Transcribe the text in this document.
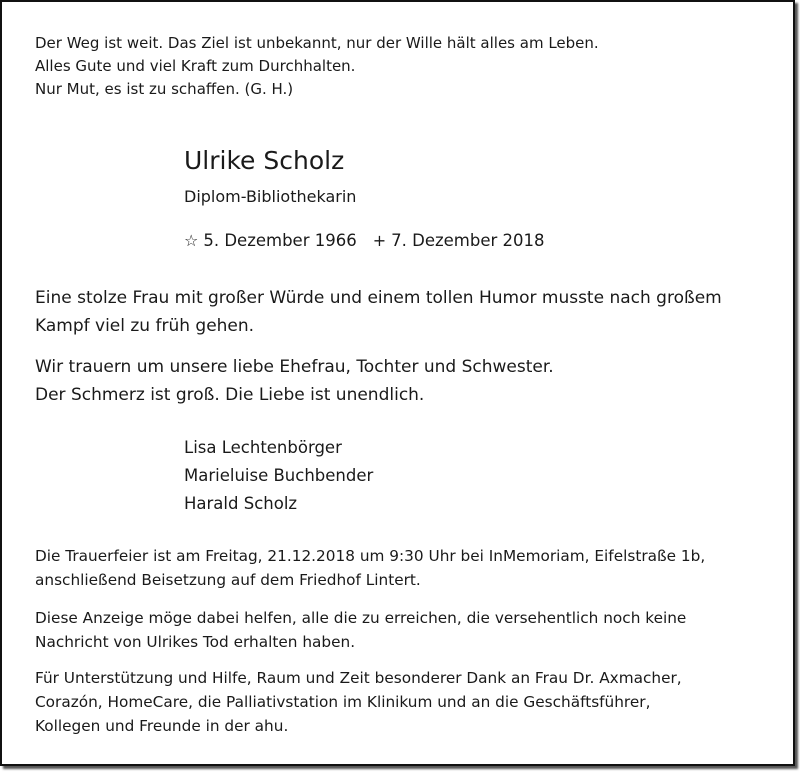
Der Weg ist weit. Das Ziel ist unbekannt, nur der Wille hält alles am Leben.
Alles Gute und viel Kraft zum Durchhalten.
Nur Mut, es ist zu schaffen. (G. H.)
Ulrike Scholz
Diplom-Bibliothekarin
☆ 5. Dezember 1966 + 7. Dezember 2018
Eine stolze Frau mit großer Würde und einem tollen Humor musste nach großem
Kampf viel zu früh gehen.
Wir trauern um unsere liebe Ehefrau, Tochter und Schwester.
Der Schmerz ist groß. Die Liebe ist unendlich.
Lisa Lechtenbörger
Marieluise Buchbender
Harald Scholz
Die Trauerfeier ist am Freitag, 21.12.2018 um 9:30 Uhr bei InMemoriam, Eifelstraße 1b,
anschließend Beisetzung auf dem Friedhof Lintert.
Diese Anzeige möge dabei helfen, alle die zu erreichen, die versehentlich noch keine
Nachricht von Ulrikes Tod erhalten haben.
Für Unterstützung und Hilfe, Raum und Zeit besonderer Dank an Frau Dr. Axmacher,
Corazón, HomeCare, die Palliativstation im Klinikum und an die Geschäftsführer,
Kollegen und Freunde in der ahu.
